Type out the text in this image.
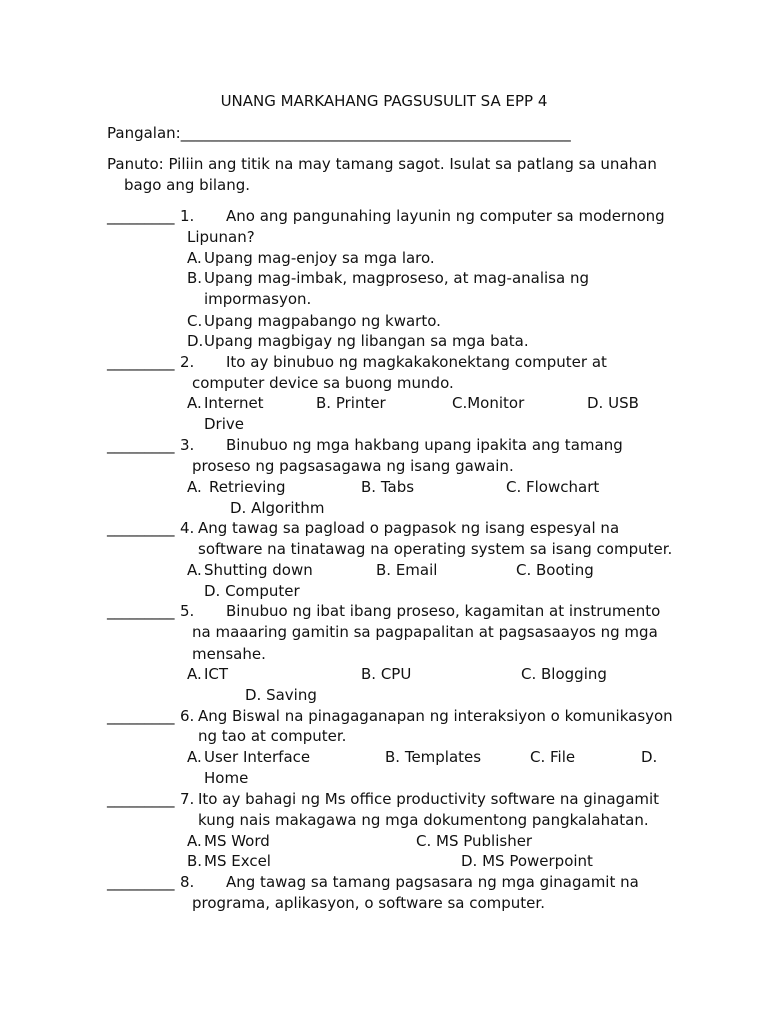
UNANG MARKAHANG PAGSUSULIT SA EPP 4
Pangalan:____________________________________________________
Panuto: Piliin ang titik na may tamang sagot. Isulat sa patlang sa unahan
bago ang bilang.
_________ 1. Ano ang pangunahing layunin ng computer sa modernong
Lipunan?
A. Upang mag-enjoy sa mga laro.
B. Upang mag-imbak, magproseso, at mag-analisa ng
impormasyon.
C. Upang magpabango ng kwarto.
D. Upang magbigay ng libangan sa mga bata.
_________ 2. Ito ay binubuo ng magkakakonektang computer at
computer device sa buong mundo.
A. Internet	B. Printer	C.Monitor	D. USB
Drive
_________ 3. Binubuo ng mga hakbang upang ipakita ang tamang
proseso ng pagsasagawa ng isang gawain.
A. Retrieving	B. Tabs	C. Flowchart
D. Algorithm
_________ 4. Ang tawag sa pagload o pagpasok ng isang espesyal na
software na tinatawag na operating system sa isang computer.
A. Shutting down	B. Email	C. Booting
D. Computer
_________ 5. Binubuo ng ibat ibang proseso, kagamitan at instrumento
na maaaring gamitin sa pagpapalitan at pagsasaayos ng mga
mensahe.
A. ICT	B. CPU	C. Blogging
D. Saving
_________ 6. Ang Biswal na pinagaganapan ng interaksiyon o komunikasyon
ng tao at computer.
A. User Interface	B. Templates	C. File	D.
Home
_________ 7. Ito ay bahagi ng Ms office productivity software na ginagamit
kung nais makagawa ng mga dokumentong pangkalahatan.
A. MS Word	C. MS Publisher
B. MS Excel	D. MS Powerpoint
_________ 8. Ang tawag sa tamang pagsasara ng mga ginagamit na
programa, aplikasyon, o software sa computer.
